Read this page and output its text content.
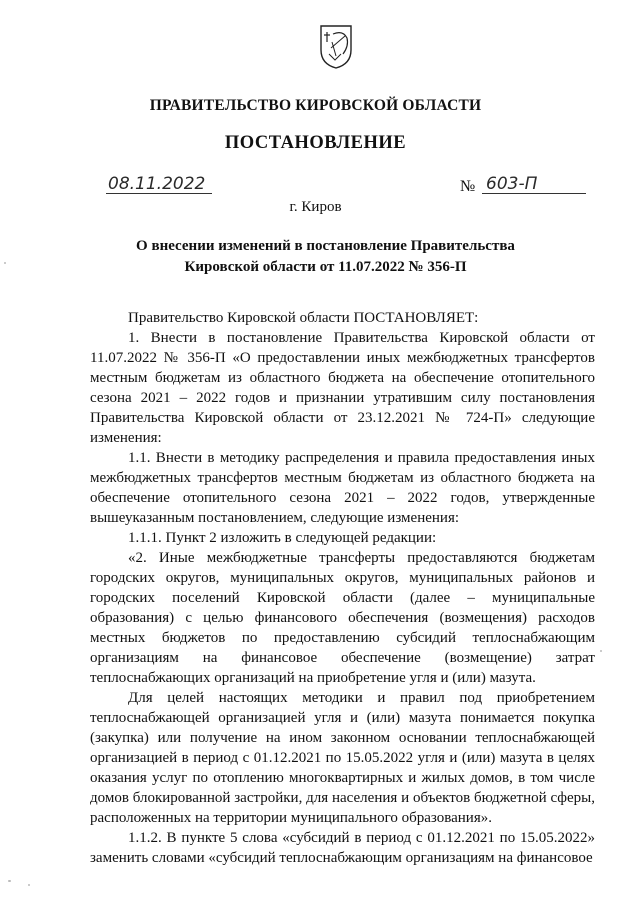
ПРАВИТЕЛЬСТВО КИРОВСКОЙ ОБЛАСТИ
ПОСТАНОВЛЕНИЕ
08.11.2022	№ 603-П
г. Киров
О внесении изменений в постановление Правительства
Кировской области от 11.07.2022 № 356-П

Правительство Кировской области ПОСТАНОВЛЯЕТ:

1. Внести в постановление Правительства Кировской области от 11.07.2022 № 356-П «О предоставлении иных межбюджетных трансфертов местным бюджетам из областного бюджета на обеспечение отопительного сезона 2021 – 2022 годов и признании утратившим силу постановления Правительства Кировской области от 23.12.2021 № 724-П» следующие изменения:

1.1. Внести в методику распределения и правила предоставления иных межбюджетных трансфертов местным бюджетам из областного бюджета на обеспечение отопительного сезона 2021 – 2022 годов, утвержденные вышеуказанным постановлением, следующие изменения:

1.1.1. Пункт 2 изложить в следующей редакции:

«2. Иные межбюджетные трансферты предоставляются бюджетам городских округов, муниципальных округов, муниципальных районов и городских поселений Кировской области (далее – муниципальные образования) с целью финансового обеспечения (возмещения) расходов местных бюджетов по предоставлению субсидий теплоснабжающим организациям на финансовое обеспечение (возмещение) затрат теплоснабжающих организаций на приобретение угля и (или) мазута.

Для целей настоящих методики и правил под приобретением теплоснабжающей организацией угля и (или) мазута понимается покупка (закупка) или получение на ином законном основании теплоснабжающей организацией в период с 01.12.2021 по 15.05.2022 угля и (или) мазута в целях оказания услуг по отоплению многоквартирных и жилых домов, в том числе домов блокированной застройки, для населения и объектов бюджетной сферы, расположенных на территории муниципального образования».

1.1.2. В пункте 5 слова «субсидий в период с 01.12.2021 по 15.05.2022» заменить словами «субсидий теплоснабжающим организациям на финансовое
